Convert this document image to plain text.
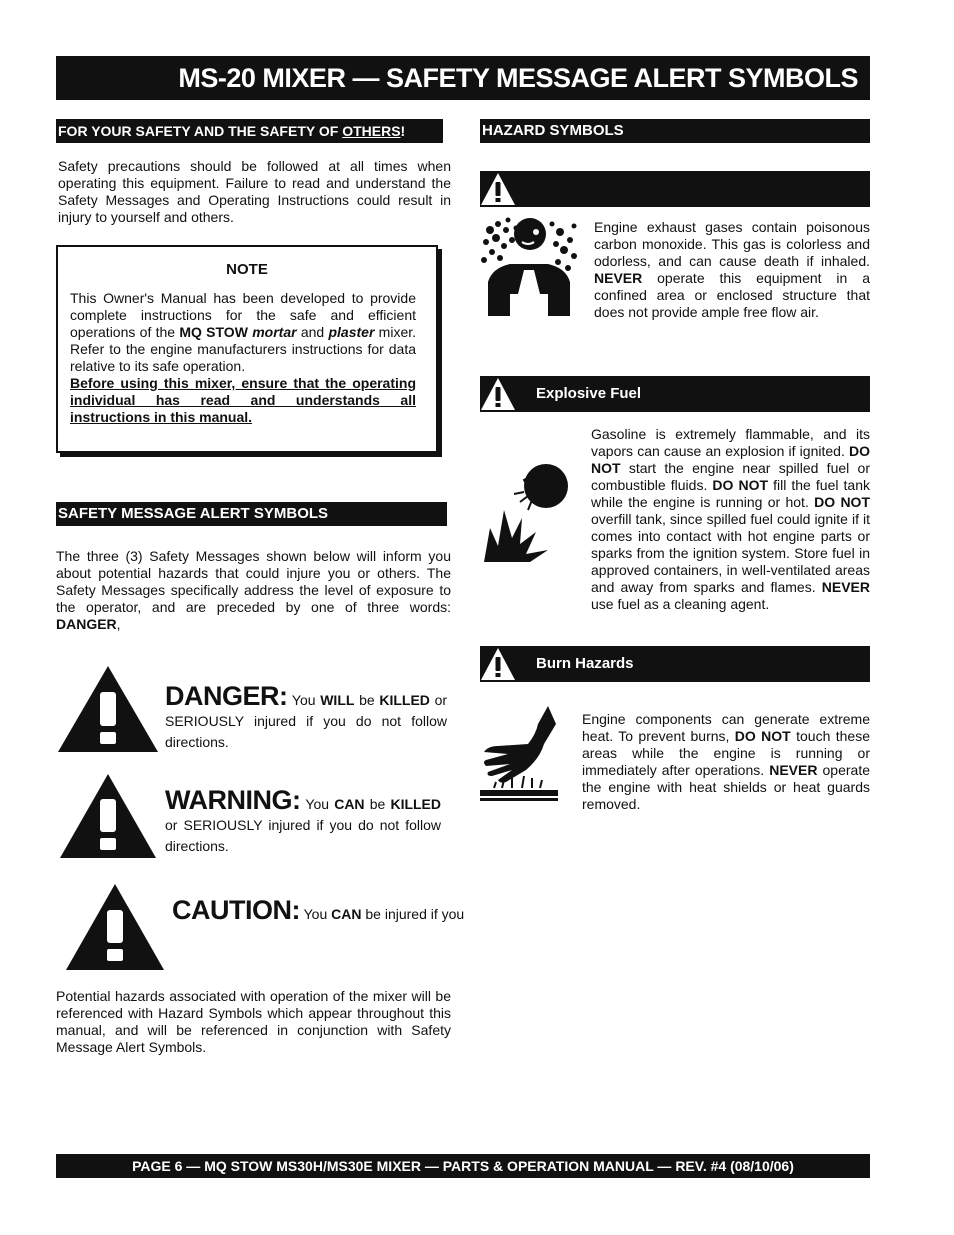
MS-20 MIXER — SAFETY MESSAGE ALERT SYMBOLS
FOR YOUR SAFETY AND THE SAFETY OF OTHERS!

Safety precautions should be followed at all times when operating this equipment. Failure to read and understand the Safety Messages and Operating Instructions could result in injury to yourself and others.

NOTE
This Owner's Manual has been developed to provide complete instructions for the safe and efficient operations of the MQ STOW mortar and plaster mixer. Refer to the engine manufacturers instructions for data relative to its safe operation.
Before using this mixer, ensure that the operating individual has read and understands all instructions in this manual.
SAFETY MESSAGE ALERT SYMBOLS

The three (3) Safety Messages shown below will inform you about potential hazards that could injure you or others. The Safety Messages specifically address the level of exposure to the operator, and are preceded by one of three words: DANGER,

DANGER: You WILL be KILLED or SERIOUSLY injured if you do not follow directions.
WARNING: You CAN be KILLED or SERIOUSLY injured if you do not follow directions.
CAUTION: You CAN be injured if you

Potential hazards associated with operation of the mixer will be referenced with Hazard Symbols which appear throughout this manual, and will be referenced in conjunction with Safety Message Alert Symbols.

HAZARD SYMBOLS

Engine exhaust gases contain poisonous carbon monoxide. This gas is colorless and odorless, and can cause death if inhaled. NEVER operate this equipment in a confined area or enclosed structure that does not provide ample free flow air.

Explosive Fuel

Gasoline is extremely flammable, and its vapors can cause an explosion if ignited. DO NOT start the engine near spilled fuel or combustible fluids. DO NOT fill the fuel tank while the engine is running or hot. DO NOT overfill tank, since spilled fuel could ignite if it comes into contact with hot engine parts or sparks from the ignition system. Store fuel in approved containers, in well-ventilated areas and away from sparks and flames. NEVER use fuel as a cleaning agent.

Burn Hazards

Engine components can generate extreme heat. To prevent burns, DO NOT touch these areas while the engine is running or immediately after operations. NEVER operate the engine with heat shields or heat guards removed.

PAGE 6 — MQ STOW MS30H/MS30E MIXER — PARTS & OPERATION MANUAL — REV. #4 (08/10/06)
